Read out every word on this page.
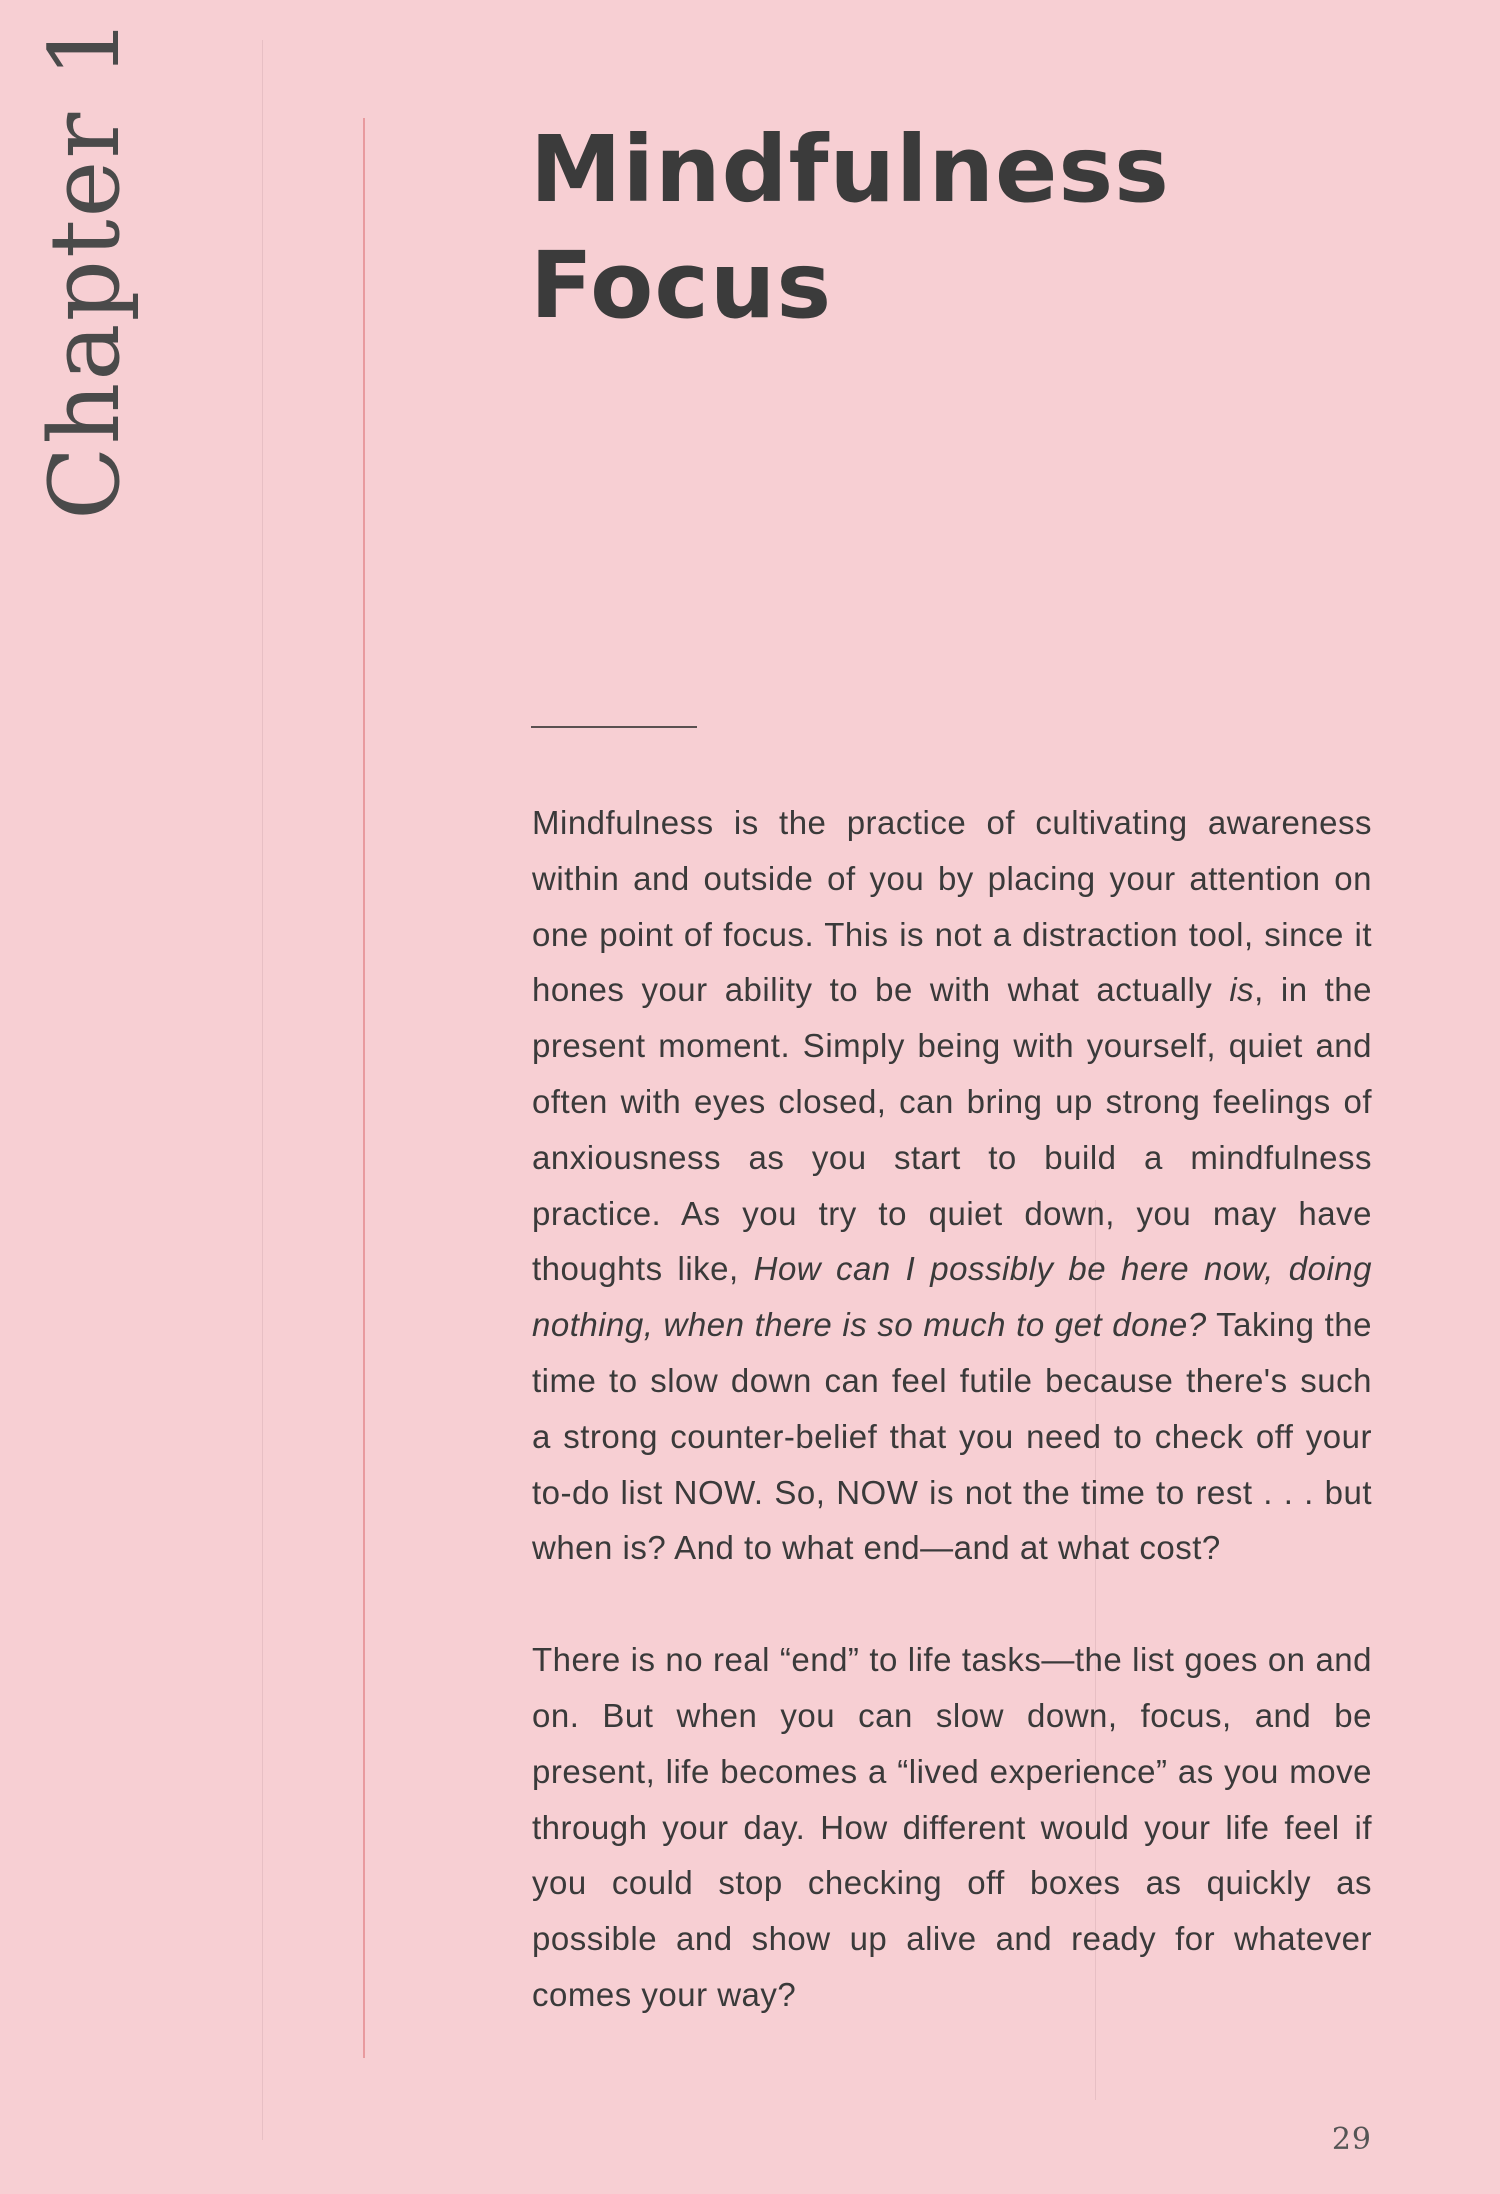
Chapter 1	Mindfulness
Focus

Mindfulness is the practice of cultivating awareness within and outside of you by placing your attention on one point of focus. This is not a distraction tool, since it hones your ability to be with what actually is, in the present moment. Simply being with yourself, quiet and often with eyes closed, can bring up strong feelings of anxiousness as you start to build a mindfulness practice. As you try to quiet down, you may have thoughts like, How can I possibly be here now, doing nothing, when there is so much to get done? Taking the time to slow down can feel futile because there's such a strong counter-belief that you need to check off your to-do list NOW. So, NOW is not the time to rest . . . but when is? And to what end—and at what cost?

There is no real “end” to life tasks—the list goes on and on. But when you can slow down, focus, and be present, life becomes a “lived experience” as you move through your day. How different would your life feel if you could stop checking off boxes as quickly as possible and show up alive and ready for whatever comes your way?

29
